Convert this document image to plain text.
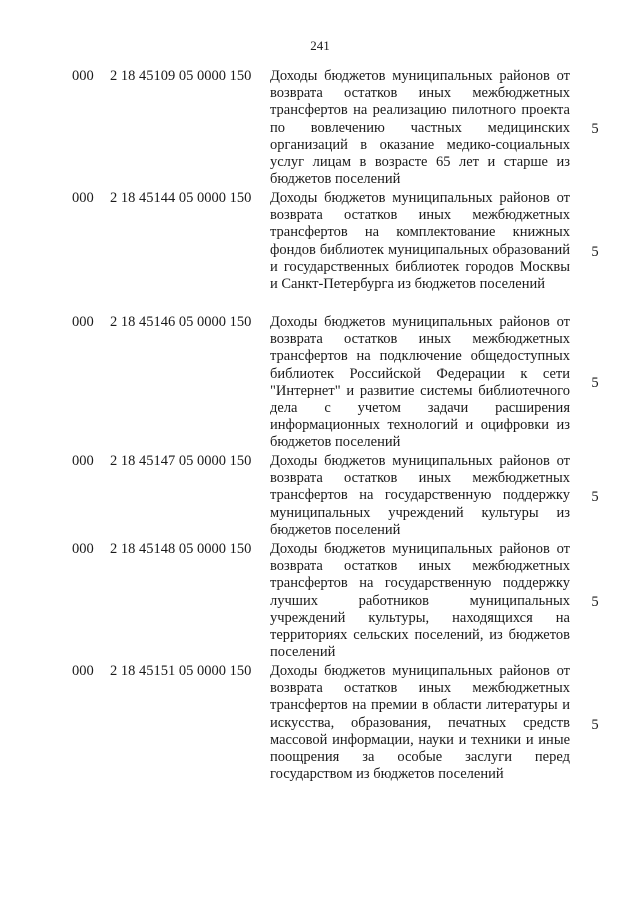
241
000	2 18 45109 05 0000 150	Доходы бюджетов муниципальных районов от возврата остатков иных межбюджетных трансфертов на реализацию пилотного проекта по вовлечению частных медицинских организаций в оказание медико-социальных услуг лицам в возрасте 65 лет и старше из бюджетов поселений
5
000	2 18 45144 05 0000 150	Доходы бюджетов муниципальных районов от возврата остатков иных межбюджетных трансфертов на комплектование книжных фондов библиотек муниципальных образований и государственных библиотек городов Москвы и Санкт-Петербурга из бюджетов поселений
5
000	2 18 45146 05 0000 150	Доходы бюджетов муниципальных районов от возврата остатков иных межбюджетных трансфертов на подключение общедоступных библиотек Российской Федерации к сети "Интернет" и развитие системы библиотечного дела с учетом задачи расширения информационных технологий и оцифровки из бюджетов поселений
5
000	2 18 45147 05 0000 150	Доходы бюджетов муниципальных районов от возврата остатков иных межбюджетных трансфертов на государственную поддержку муниципальных учреждений культуры из бюджетов поселений
5
000	2 18 45148 05 0000 150	Доходы бюджетов муниципальных районов от возврата остатков иных межбюджетных трансфертов на государственную поддержку лучших работников муниципальных учреждений культуры, находящихся на территориях сельских поселений, из бюджетов поселений
5
000	2 18 45151 05 0000 150	Доходы бюджетов муниципальных районов от возврата остатков иных межбюджетных трансфертов на премии в области литературы и искусства, образования, печатных средств массовой информации, науки и техники и иные поощрения за особые заслуги перед государством из бюджетов поселений
5
